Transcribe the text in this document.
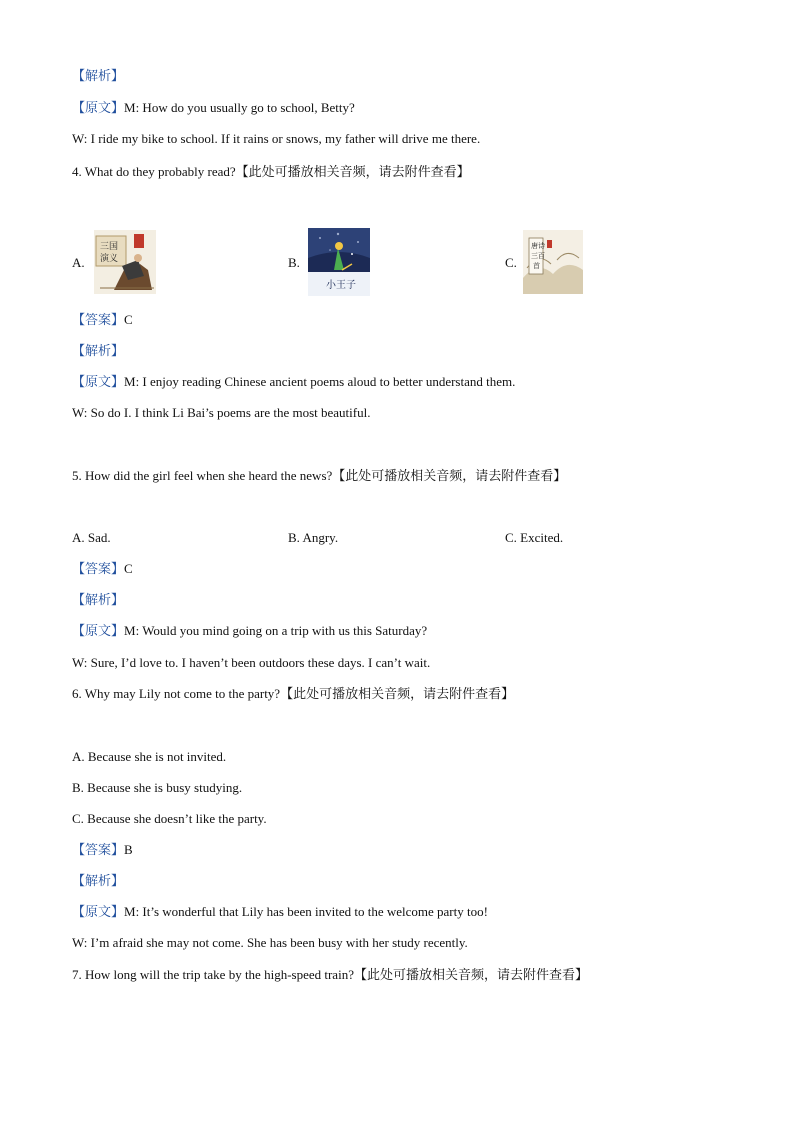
【解析】
【原文】M: How do you usually go to school, Betty?
W: I ride my bike to school. If it rains or snows, my father will drive me there.
4. What do they probably read?【此处可播放相关音频，请去附件查看】
A.
三国
演义	B.
小王子
C.
唐诗
三百
首
【答案】C
【解析】
【原文】M: I enjoy reading Chinese ancient poems aloud to better understand them.
W: So do I. I think Li Bai’s poems are the most beautiful.
5. How did the girl feel when she heard the news?【此处可播放相关音频，请去附件查看】
A. Sad.	B. Angry.	C. Excited.
【答案】C
【解析】
【原文】M: Would you mind going on a trip with us this Saturday?
W: Sure, I’d love to. I haven’t been outdoors these days. I can’t wait.
6. Why may Lily not come to the party?【此处可播放相关音频，请去附件查看】
A. Because she is not invited.
B. Because she is busy studying.
C. Because she doesn’t like the party.
【答案】B
【解析】
【原文】M: It’s wonderful that Lily has been invited to the welcome party too!
W: I’m afraid she may not come. She has been busy with her study recently.
7. How long will the trip take by the high-speed train?【此处可播放相关音频，请去附件查看】
